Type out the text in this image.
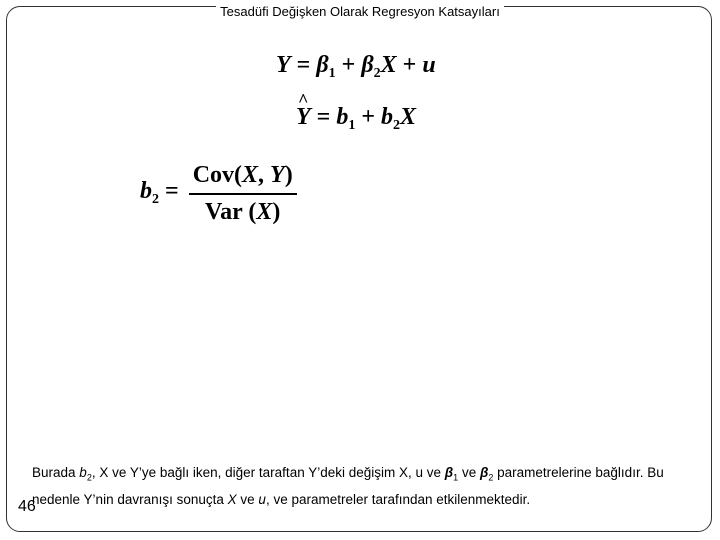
Tesadüfi Değişken Olarak Regresyon Katsayıları
$Y = \beta_1 + \beta_2X + u$
^ $Y = b_1 + b_2X$
$b_2 = \frac{\text{Cov(X, Y)}}{\text{Var (X)}}$
Burada $b_2$, X ve Y’ye bağlı iken, diğer taraftan Y’deki değişim X, u ve $\beta_1$ ve $\beta_2$ parametrelerine bağlıdır. Bu nedenle Y’nin davranışı sonuçta X ve u, ve parametreler tarafından etkilenmektedir.
46
